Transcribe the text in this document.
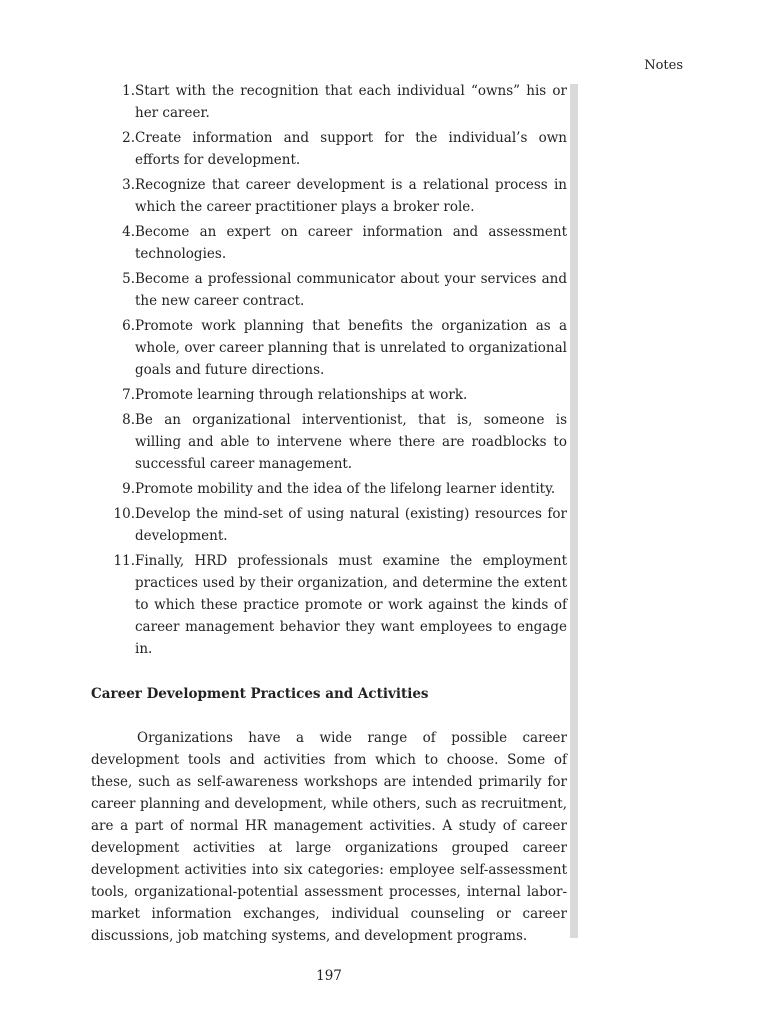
Notes
1. Start with the recognition that each individual “owns” his or her career.
2. Create information and support for the individual’s own efforts for development.
3. Recognize that career development is a relational process in which the career practitioner plays a broker role.
4. Become an expert on career information and assessment technologies.
5. Become a professional communicator about your services and the new career contract.
6. Promote work planning that benefits the organization as a whole, over career planning that is unrelated to organizational goals and future directions.
7. Promote learning through relationships at work.
8. Be an organizational interventionist, that is, someone is willing and able to intervene where there are roadblocks to successful career management.
9. Promote mobility and the idea of the lifelong learner identity.
10. Develop the mind-set of using natural (existing) resources for development.
11. Finally, HRD professionals must examine the employment practices used by their organization, and determine the extent to which these practice promote or work against the kinds of career management behavior they want employees to engage in.
Career Development Practices and Activities

Organizations have a wide range of possible career development tools and activities from which to choose. Some of these, such as self-awareness workshops are intended primarily for career planning and development, while others, such as recruitment, are a part of normal HR management activities. A study of career development activities at large organizations grouped career development activities into six categories: employee self-assessment tools, organizational-potential assessment processes, internal labor-market information exchanges, individual counseling or career discussions, job matching systems, and development programs.

197
